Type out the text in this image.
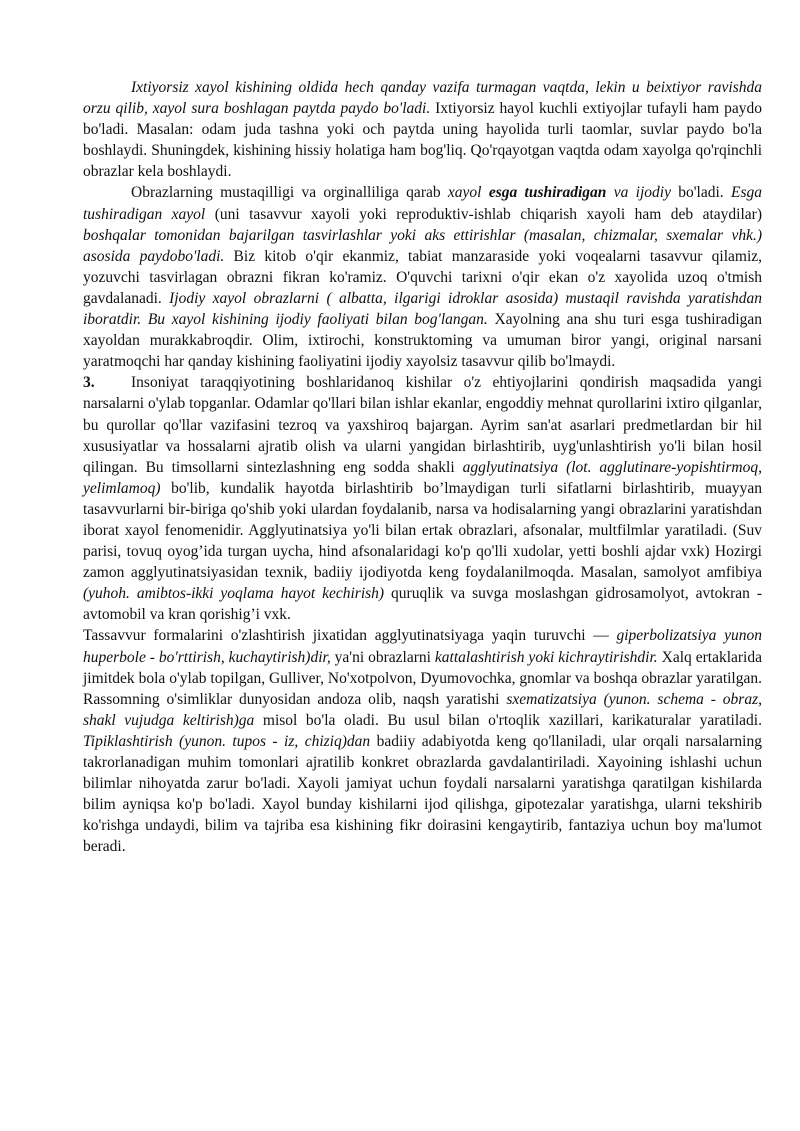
Ixtiyorsiz xayol kishining oldida hech qanday vazifa turmagan vaqtda, lekin u beixtiyor ravishda orzu qilib, xayol sura boshlagan paytda paydo bo'ladi. Ixtiyorsiz hayol kuchli extiyojlar tufayli ham paydo bo'ladi. Masalan: odam juda tashna yoki och paytda uning hayolida turli taomlar, suvlar paydo bo'la boshlaydi. Shuningdek, kishining hissiy holatiga ham bog'liq. Qo'rqayotgan vaqtda odam xayolga qo'rqinchli obrazlar kela boshlaydi.

Obrazlarning mustaqilligi va orginalliliga qarab xayol esga tushiradigan va ijodiy bo'ladi. Esga tushiradigan xayol (uni tasavvur xayoli yoki reproduktiv-ishlab chiqarish xayoli ham deb ataydilar) boshqalar tomonidan bajarilgan tasvirlashlar yoki aks ettirishlar (masalan, chizmalar, sxemalar vhk.) asosida paydobo'ladi. Biz kitob o'qir ekanmiz, tabiat manzaraside yoki voqealarni tasavvur qilamiz, yozuvchi tasvirlagan obrazni fikran ko'ramiz. O'quvchi tarixni o'qir ekan o'z xayolida uzoq o'tmish gavdalanadi. Ijodiy xayol obrazlarni ( albatta, ilgarigi idroklar asosida) mustaqil ravishda yaratishdan iboratdir. Bu xayol kishining ijodiy faoliyati bilan bog'langan. Xayolning ana shu turi esga tushiradigan xayoldan murakkabroqdir. Olim, ixtirochi, konstruktoming va umuman biror yangi, original narsani yaratmoqchi har qanday kishining faoliyatini ijodiy xayolsiz tasavvur qilib bo'lmaydi.

3. Insoniyat taraqqiyotining boshlaridanoq kishilar o'z ehtiyojlarini qondirish maqsadida yangi narsalarni o'ylab topganlar. Odamlar qo'llari bilan ishlar ekanlar, engoddiy mehnat qurollarini ixtiro qilganlar, bu qurollar qo'llar vazifasini tezroq va yaxshiroq bajargan. Ayrim san'at asarlari predmetlardan bir hil xususiyatlar va hossalarni ajratib olish va ularni yangidan birlashtirib, uyg'unlashtirish yo'li bilan hosil qilingan. Bu timsollarni sintezlashning eng sodda shakli agglyutinatsiya (lot. agglutinare-yopishtirmoq, yelimlamoq) bo'lib, kundalik hayotda birlashtirib bo’lmaydigan turli sifatlarni birlashtirib, muayyan tasavvurlarni bir-biriga qo'shib yoki ulardan foydalanib, narsa va hodisalarning yangi obrazlarini yaratishdan iborat xayol fenomenidir. Agglyutinatsiya yo'li bilan ertak obrazlari, afsonalar, multfilmlar yaratiladi. (Suv parisi, tovuq oyog’ida turgan uycha, hind afsonalaridagi ko'p qo'lli xudolar, yetti boshli ajdar vxk) Hozirgi zamon agglyutinatsiyasidan texnik, badiiy ijodiyotda keng foydalanilmoqda. Masalan, samolyot amfibiya (yuhoh. amibtos-ikki yoqlama hayot kechirish) quruqlik va suvga moslashgan gidrosamolyot, avtokran - avtomobil va kran qorishig’i vxk.

Tassavvur formalarini o'zlashtirish jixatidan agglyutinatsiyaga yaqin turuvchi — giperbolizatsiya yunon huperbole - bo'rttirish, kuchaytirish)dir, ya'ni obrazlarni kattalashtirish yoki kichraytirishdir. Xalq ertaklarida jimitdek bola o'ylab topilgan, Gulliver, No'xotpolvon, Dyumovochka, gnomlar va boshqa obrazlar yaratilgan. Rassomning o'simliklar dunyosidan andoza olib, naqsh yaratishi sxematizatsiya (yunon. schema - obraz, shakl vujudga keltirish)ga misol bo'la oladi. Bu usul bilan o'rtoqlik xazillari, karikaturalar yaratiladi. Tipiklashtirish (yunon. tupos - iz, chiziq)dan badiiy adabiyotda keng qo'llaniladi, ular orqali narsalarning takrorlanadigan muhim tomonlari ajratilib konkret obrazlarda gavdalantiriladi. Xayoining ishlashi uchun bilimlar nihoyatda zarur bo'ladi. Xayoli jamiyat uchun foydali narsalarni yaratishga qaratilgan kishilarda bilim ayniqsa ko'p bo'ladi. Xayol bunday kishilarni ijod qilishga, gipotezalar yaratishga, ularni tekshirib ko'rishga undaydi, bilim va tajriba esa kishining fikr doirasini kengaytirib, fantaziya uchun boy ma'lumot beradi.
